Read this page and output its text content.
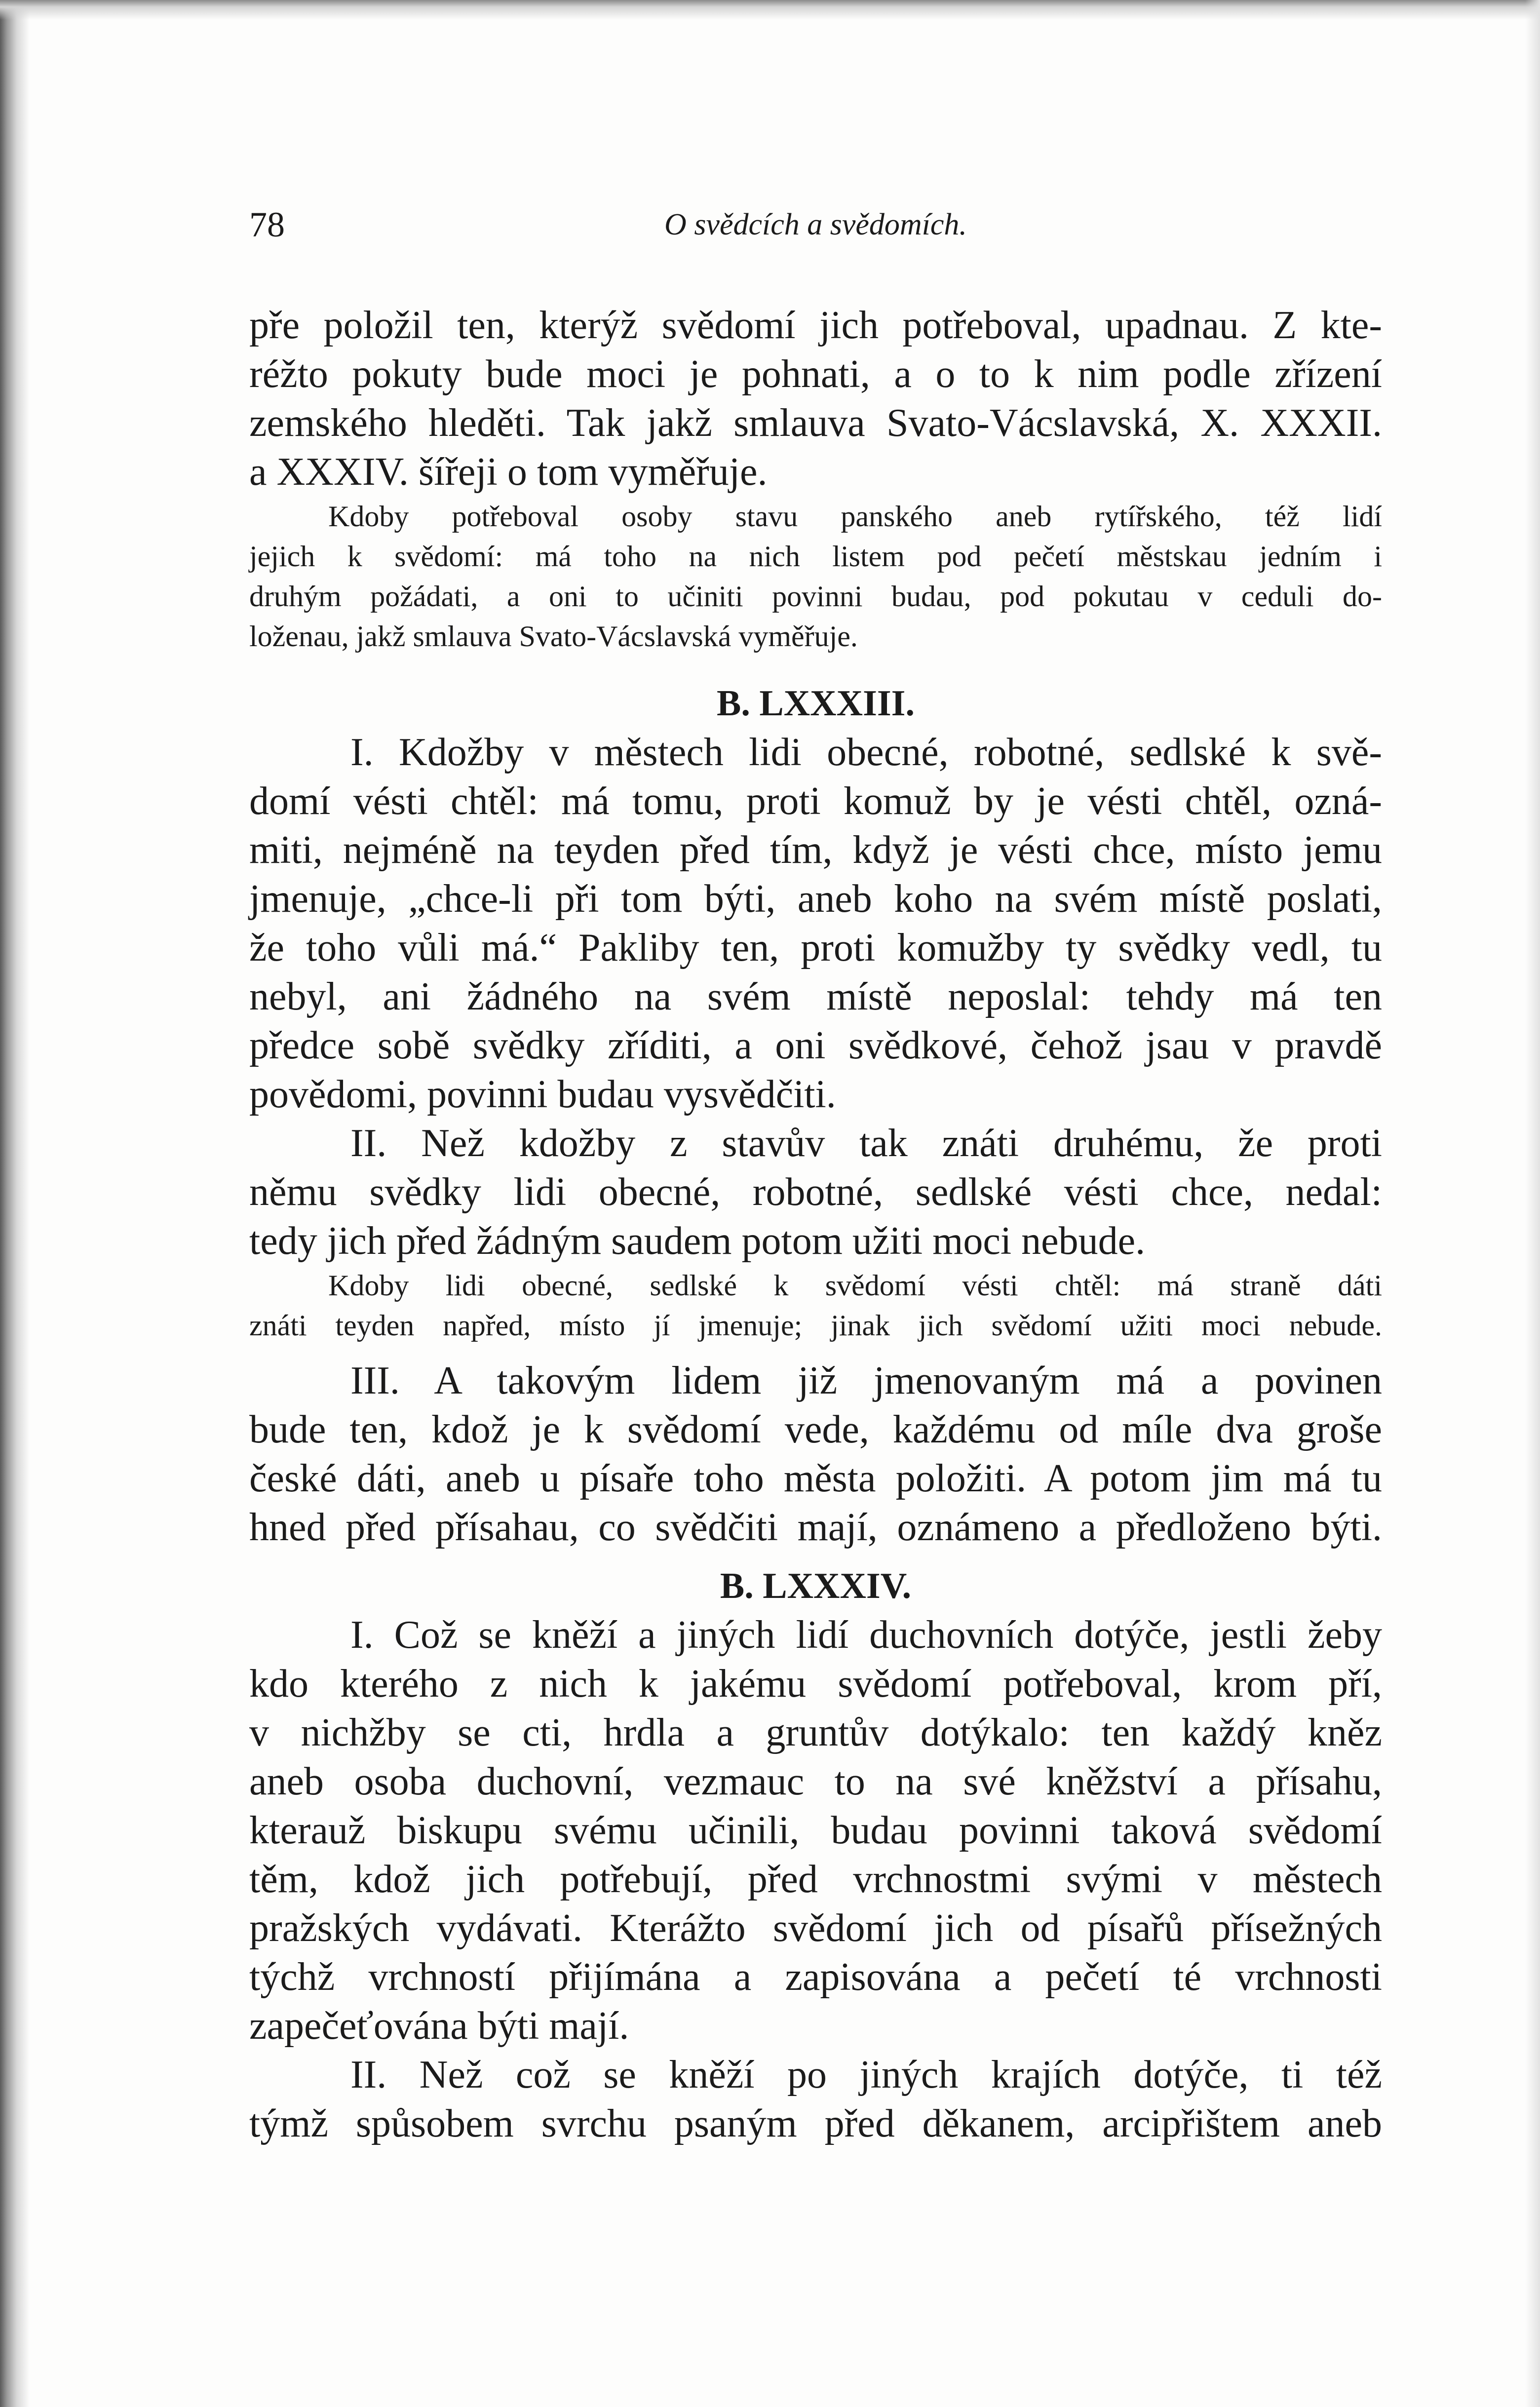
78	O svědcích a svědomích.
pře položil ten, kterýž svědomí jich potřeboval, upadnau. Z kte-
réžto pokuty bude moci je pohnati, a o to k nim podle zřízení
zemského hleděti. Tak jakž smlauva Svato-Vácslavská, X. XXXII.
a XXXIV. šířeji o tom vyměřuje.
Kdoby potřeboval osoby stavu panského aneb rytířského, též lidí
jejich k svědomí: má toho na nich listem pod pečetí městskau jedním i
druhým požádati, a oni to učiniti povinni budau, pod pokutau v ceduli do-
loženau, jakž smlauva Svato-Vácslavská vyměřuje.
B. LXXXIII.
I. Kdožby v městech lidi obecné, robotné, sedlské k svě-
domí vésti chtěl: má tomu, proti komuž by je vésti chtěl, ozná-
miti, nejméně na teyden před tím, když je vésti chce, místo jemu
jmenuje, „chce-li při tom býti, aneb koho na svém místě poslati,
že toho vůli má.“ Pakliby ten, proti komužby ty svědky vedl, tu
nebyl, ani žádného na svém místě neposlal: tehdy má ten
předce sobě svědky zříditi, a oni svědkové, čehož jsau v pravdě
povědomi, povinni budau vysvědčiti.
II. Než kdožby z stavův tak znáti druhému, že proti
němu svědky lidi obecné, robotné, sedlské vésti chce, nedal:
tedy jich před žádným saudem potom užiti moci nebude.
Kdoby lidi obecné, sedlské k svědomí vésti chtěl: má straně dáti
znáti teyden napřed, místo jí jmenuje; jinak jich svědomí užiti moci nebude.
III. A takovým lidem již jmenovaným má a povinen
bude ten, kdož je k svědomí vede, každému od míle dva groše
české dáti, aneb u písaře toho města položiti. A potom jim má tu
hned před přísahau, co svědčiti mají, oznámeno a předloženo býti.
B. LXXXIV.
I. Což se kněží a jiných lidí duchovních dotýče, jestli žeby
kdo kterého z nich k jakému svědomí potřeboval, krom pří,
v nichžby se cti, hrdla a gruntův dotýkalo: ten každý kněz
aneb osoba duchovní, vezmauc to na své kněžství a přísahu,
kterauž biskupu svému učinili, budau povinni taková svědomí
těm, kdož jich potřebují, před vrchnostmi svými v městech
pražských vydávati. Kterážto svědomí jich od písařů přísežných
týchž vrchností přijímána a zapisována a pečetí té vrchnosti
zapečeťována býti mají.
II. Než což se kněží po jiných krajích dotýče, ti též
týmž spůsobem svrchu psaným před děkanem, arcipřištem aneb
